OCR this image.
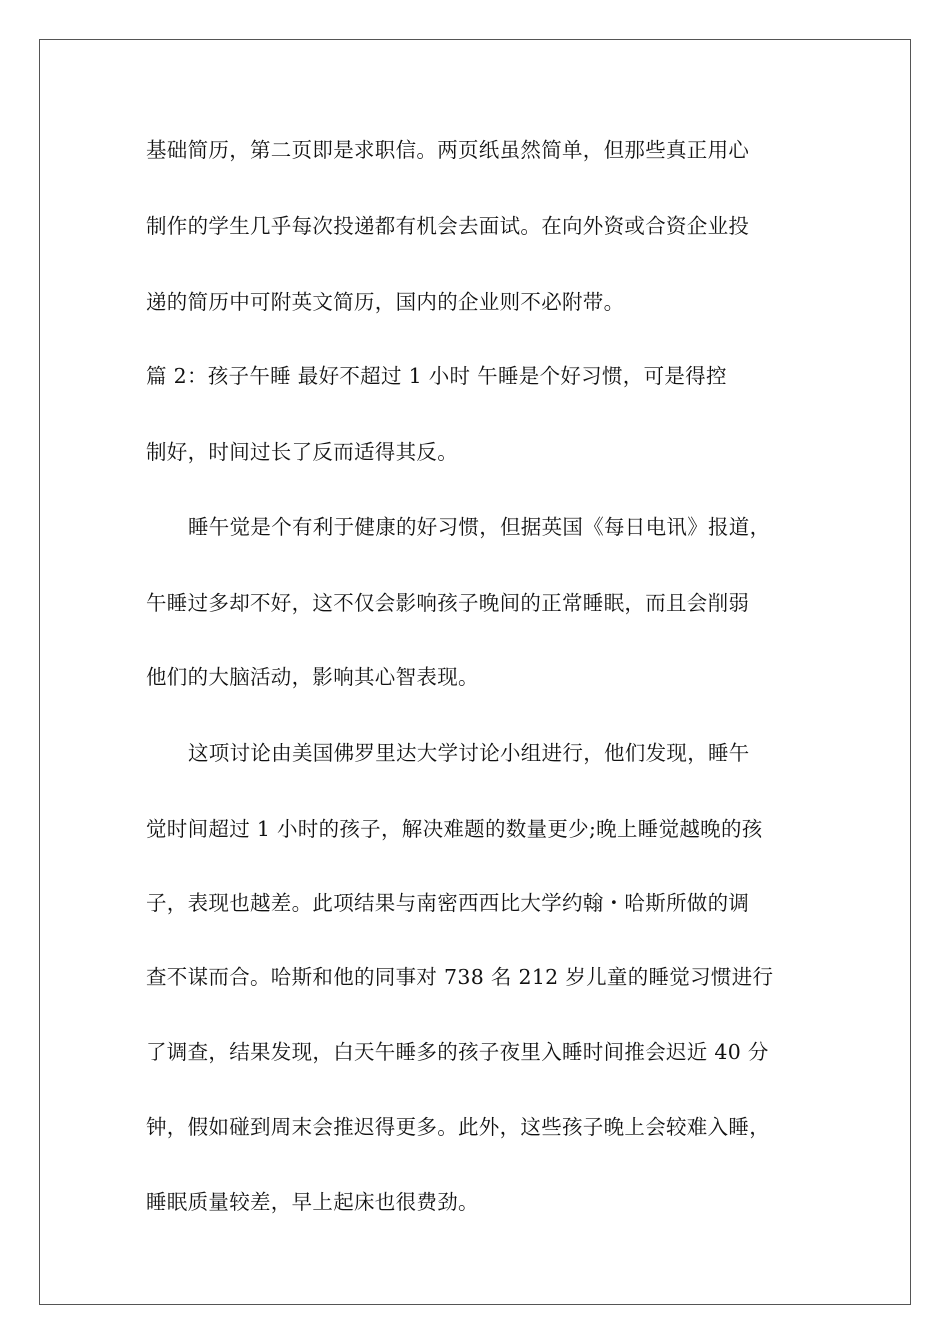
基础简历，第二页即是求职信。两页纸虽然简单，但那些真正用心
制作的学生几乎每次投递都有机会去面试。在向外资或合资企业投
递的简历中可附英文简历，国内的企业则不必附带。
篇 2：孩子午睡 最好不超过 1 小时 午睡是个好习惯，可是得控
制好，时间过长了反而适得其反。
睡午觉是个有利于健康的好习惯，但据英国《每日电讯》报道，
午睡过多却不好，这不仅会影响孩子晚间的正常睡眠，而且会削弱
他们的大脑活动，影响其心智表现。
这项讨论由美国佛罗里达大学讨论小组进行，他们发现，睡午
觉时间超过 1 小时的孩子，解决难题的数量更少;晚上睡觉越晚的孩
子，表现也越差。此项结果与南密西西比大学约翰・哈斯所做的调
查不谋而合。哈斯和他的同事对 738 名 212 岁儿童的睡觉习惯进行
了调查，结果发现，白天午睡多的孩子夜里入睡时间推会迟近 40 分
钟，假如碰到周末会推迟得更多。此外，这些孩子晚上会较难入睡，
睡眠质量较差，早上起床也很费劲。
